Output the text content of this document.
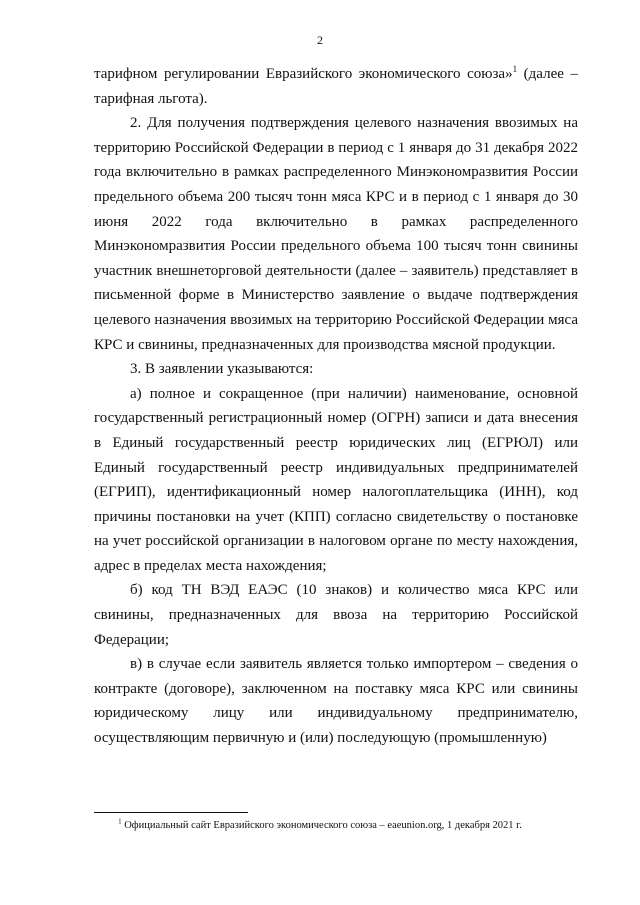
2

тарифном регулировании Евразийского экономического союза»$^1$ (далее – тарифная льгота).

2. Для получения подтверждения целевого назначения ввозимых на территорию Российской Федерации в период с 1 января до 31 декабря 2022 года включительно в рамках распределенного Минэкономразвития России предельного объема 200 тысяч тонн мяса КРС и в период с 1 января до 30 июня 2022 года включительно в рамках распределенного Минэкономразвития России предельного объема 100 тысяч тонн свинины участник внешнеторговой деятельности (далее – заявитель) представляет в письменной форме в Министерство заявление о выдаче подтверждения целевого назначения ввозимых на территорию Российской Федерации мяса КРС и свинины, предназначенных для производства мясной продукции.

3. В заявлении указываются:

а) полное и сокращенное (при наличии) наименование, основной государственный регистрационный номер (ОГРН) записи и дата внесения в Единый государственный реестр юридических лиц (ЕГРЮЛ) или Единый государственный реестр индивидуальных предпринимателей (ЕГРИП), идентификационный номер налогоплательщика (ИНН), код причины постановки на учет (КПП) согласно свидетельству о постановке на учет российской организации в налоговом органе по месту нахождения, адрес в пределах места нахождения;

б) код ТН ВЭД ЕАЭС (10 знаков) и количество мяса КРС или свинины, предназначенных для ввоза на территорию Российской Федерации;

в) в случае если заявитель является только импортером – сведения о контракте (договоре), заключенном на поставку мяса КРС или свинины юридическому лицу или индивидуальному предпринимателю, осуществляющим первичную и (или) последующую (промышленную)

$^1$ Официальный сайт Евразийского экономического союза – eaeunion.org, 1 декабря 2021 г.
